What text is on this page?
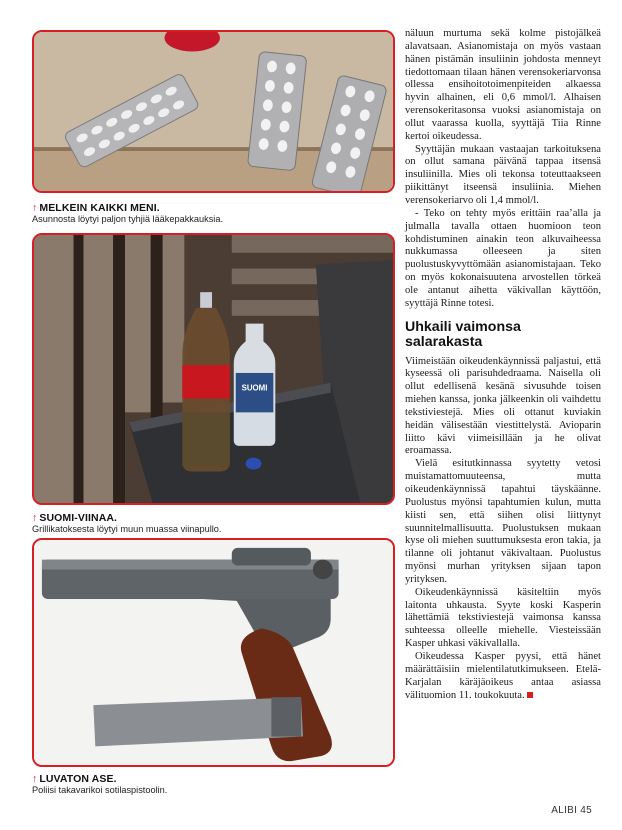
↑ MELKEIN KAIKKI MENI.
Asunnosta löytyi paljon tyhjiä lääkepakkauksia.
SUOMI
↑ SUOMI-VIINAA.
Grillikatoksesta löytyi muun muassa viinapullo.
↑ LUVATON ASE.
Poliisi takavarikoi sotilaspistoolin.

näluun murtuma sekä kolme pistojälkeä alavatsaan. Asianomistaja on myös vastaan hänen pistämän insuliinin johdosta menneyt tiedottomaan tilaan hänen verensokeriarvonsa ollessa ensihoitotoimenpiteiden alkaessa hyvin alhainen, eli 0,6 mmol/l. Alhaisen verensokeritasonsa vuoksi asianomistaja on ollut vaarassa kuolla, syyttäjä Tiia Rinne kertoi oikeudessa.

Syyttäjän mukaan vastaajan tarkoituksena on ollut samana päivänä tappaa itsensä insuliinilla. Mies oli tekonsa toteuttaakseen piikittänyt itseensä insuliinia. Miehen verensokeriarvo oli 1,4 mmol/l.

- Teko on tehty myös erittäin raa’alla ja julmalla tavalla ottaen huomioon teon kohdistuminen ainakin teon alkuvaiheessa nukkumassa olleeseen ja siten puolustuskyvyttömään asianomistajaan. Teko on myös kokonaisuutena arvostellen törkeä ole antanut aihetta väkivallan käyttöön, syyttäjä Rinne totesi.

Uhkaili vaimonsa salarakasta

Viimeistään oikeudenkäynnissä paljastui, että kyseessä oli parisuhdedraama. Naisella oli ollut edellisenä kesänä sivusuhde toisen miehen kanssa, jonka jälkeenkin oli vaihdettu tekstiviestejä. Mies oli ottanut kuviakin heidän välisestään viestittelystä. Avioparin liitto kävi viimeisillään ja he olivat eroamassa.

Vielä esitutkinnassa syytetty vetosi muistamattomuuteensa, mutta oikeudenkäynnissä tapahtui täyskäänne. Puolustus myönsi tapahtumien kulun, mutta kiisti sen, että siihen olisi liittynyt suunnitelmallisuutta. Puolustuksen mukaan kyse oli miehen suuttumuksesta eron takia, ja tilanne oli johtanut väkivaltaan. Puolustus myönsi murhan yrityksen sijaan tapon yrityksen.

Oikeudenkäynnissä käsiteltiin myös laitonta uhkausta. Syyte koski Kasperin lähettämiä tekstiviestejä vaimonsa kanssa suhteessa olleelle miehelle. Viesteissään Kasper uhkasi väkivallalla.

Oikeudessa Kasper pyysi, että hänet määrättäisiin mielentilatutkimukseen. Etelä-Karjalan käräjäoikeus antaa asiassa välituomion 11. toukokuuta.

ALIBI 45
